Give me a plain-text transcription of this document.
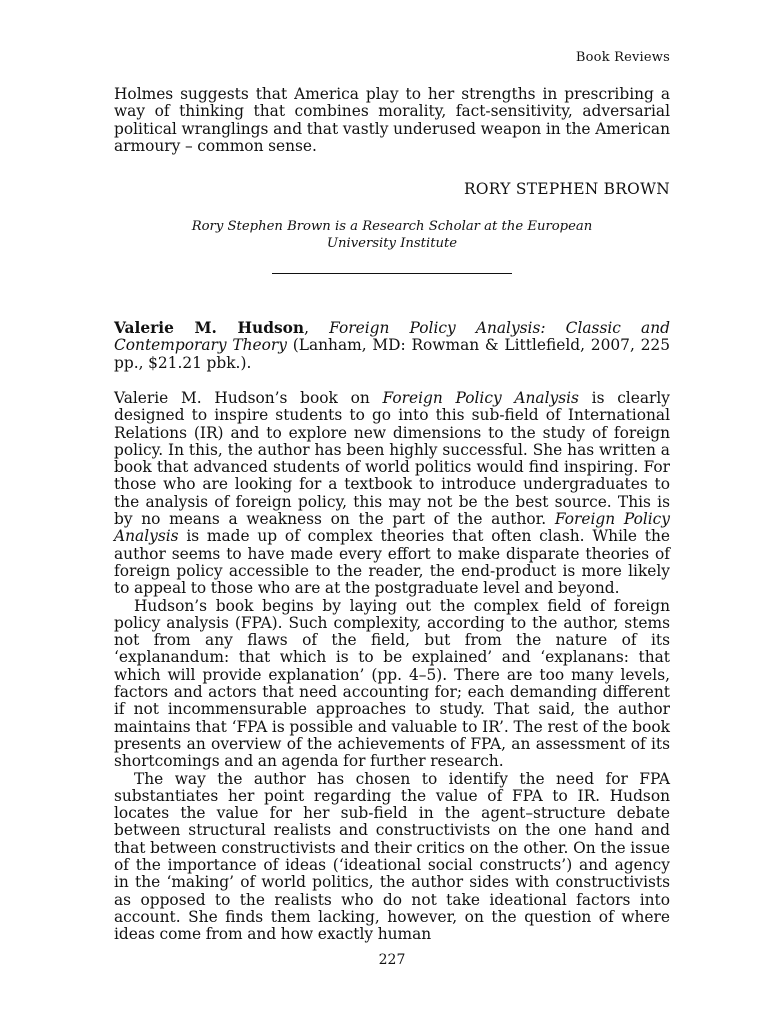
Book Reviews

Holmes suggests that America play to her strengths in prescribing a way of thinking that combines morality, fact-sensitivity, adversarial political wranglings and that vastly underused weapon in the American armoury – common sense.

RORY STEPHEN BROWN
Rory Stephen Brown is a Research Scholar at the European University Institute

Valerie M. Hudson, Foreign Policy Analysis: Classic and Contemporary Theory (Lanham, MD: Rowman & Littlefield, 2007, 225 pp., $21.21 pbk.).

Valerie M. Hudson’s book on Foreign Policy Analysis is clearly designed to inspire students to go into this sub-field of International Relations (IR) and to explore new dimensions to the study of foreign policy. In this, the author has been highly successful. She has written a book that advanced students of world politics would find inspiring. For those who are looking for a textbook to introduce undergraduates to the analysis of foreign policy, this may not be the best source. This is by no means a weakness on the part of the author. Foreign Policy Analysis is made up of complex theories that often clash. While the author seems to have made every effort to make disparate theories of foreign policy accessible to the reader, the end-product is more likely to appeal to those who are at the postgraduate level and beyond.

Hudson’s book begins by laying out the complex field of foreign policy analysis (FPA). Such complexity, according to the author, stems not from any flaws of the field, but from the nature of its ‘explanandum: that which is to be explained’ and ‘explanans: that which will provide explanation’ (pp. 4–5). There are too many levels, factors and actors that need accounting for; each demanding different if not incommensurable approaches to study. That said, the author maintains that ‘FPA is possible and valuable to IR’. The rest of the book presents an overview of the achievements of FPA, an assessment of its shortcomings and an agenda for further research.

The way the author has chosen to identify the need for FPA substantiates her point regarding the value of FPA to IR. Hudson locates the value for her sub-field in the agent–structure debate between structural realists and constructivists on the one hand and that between constructivists and their critics on the other. On the issue of the importance of ideas (‘ideational social constructs’) and agency in the ‘making’ of world politics, the author sides with constructivists as opposed to the realists who do not take ideational factors into account. She finds them lacking, however, on the question of where ideas come from and how exactly human

227
